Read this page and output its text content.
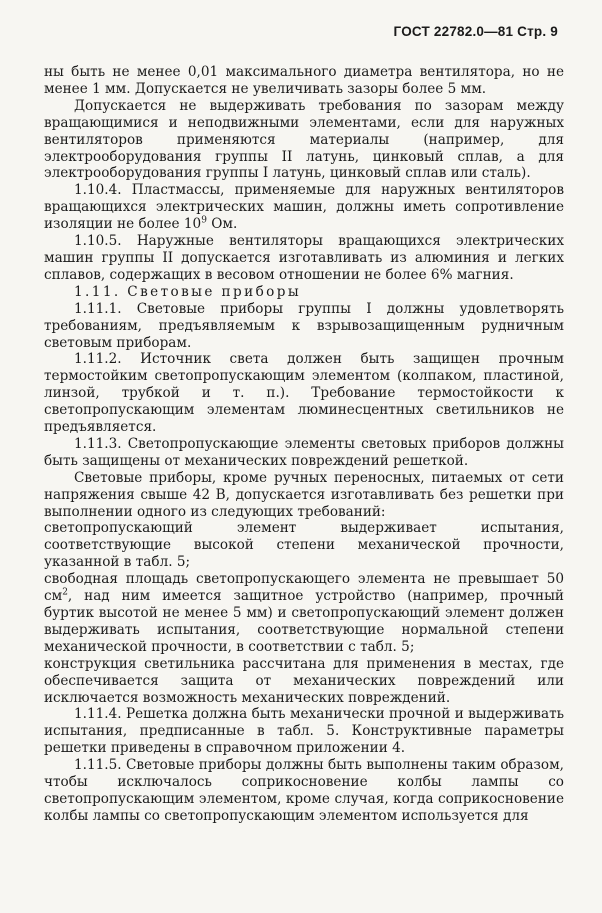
ГОСТ 22782.0—81 Стр. 9

ны быть не менее 0,01 максимального диаметра вентилятора, но не менее 1 мм. Допускается не увеличивать зазоры более 5 мм.

Допускается не выдерживать требования по зазорам между вращающимися и неподвижными элементами, если для наружных вентиляторов применяются материалы (например, для электрооборудования группы II латунь, цинковый сплав, а для электрооборудования группы I латунь, цинковый сплав или сталь).

1.10.4. Пластмассы, применяемые для наружных вентиляторов вращающихся электрических машин, должны иметь сопротивление изоляции не более $10^9$ Ом.

1.10.5. Наружные вентиляторы вращающихся электрических машин группы II допускается изготавливать из алюминия и легких сплавов, содержащих в весовом отношении не более 6% магния.

1.11. Световые приборы

1.11.1. Световые приборы группы I должны удовлетворять требованиям, предъявляемым к взрывозащищенным рудничным световым приборам.

1.11.2. Источник света должен быть защищен прочным термостойким светопропускающим элементом (колпаком, пластиной, линзой, трубкой и т. п.). Требование термостойкости к светопропускающим элементам люминесцентных светильников не предъявляется.

1.11.3. Светопропускающие элементы световых приборов должны быть защищены от механических повреждений решеткой.

Световые приборы, кроме ручных переносных, питаемых от сети напряжения свыше 42 В, допускается изготавливать без решетки при выполнении одного из следующих требований:

светопропускающий элемент выдерживает испытания, соответствующие высокой степени механической прочности, указанной в табл. 5;

свободная площадь светопропускающего элемента не превышает 50 $см^2$, над ним имеется защитное устройство (например, прочный буртик высотой не менее 5 мм) и светопропускающий элемент должен выдерживать испытания, соответствующие нормальной степени механической прочности, в соответствии с табл. 5;

конструкция светильника рассчитана для применения в местах, где обеспечивается защита от механических повреждений или исключается возможность механических повреждений.

1.11.4. Решетка должна быть механически прочной и выдерживать испытания, предписанные в табл. 5. Конструктивные параметры решетки приведены в справочном приложении 4.

1.11.5. Световые приборы должны быть выполнены таким образом, чтобы исключалось соприкосновение колбы лампы со светопропускающим элементом, кроме случая, когда соприкосновение колбы лампы со светопропускающим элементом используется для
